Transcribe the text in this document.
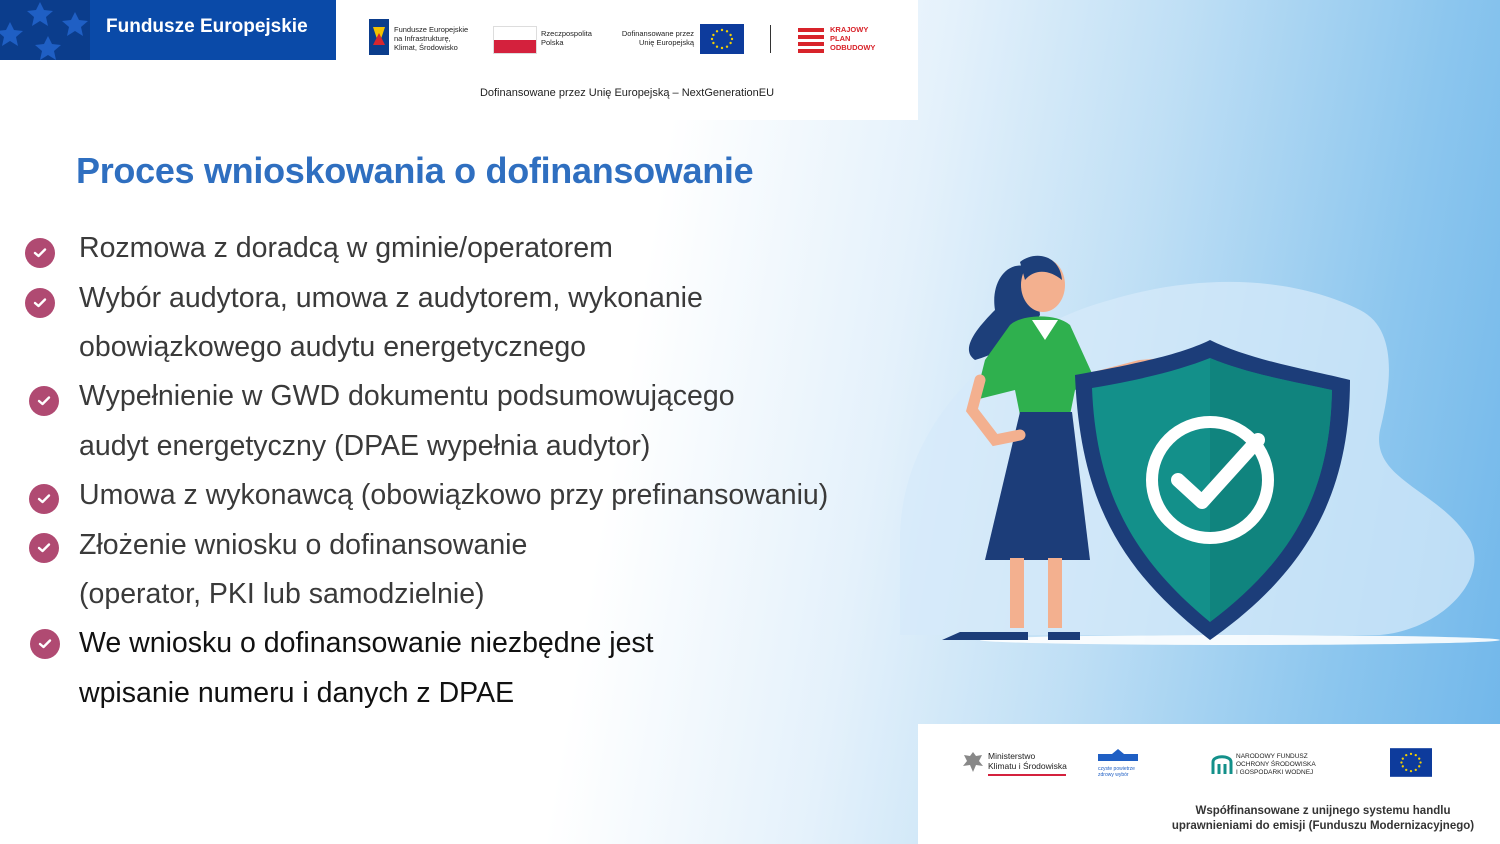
Fundusze Europejskie	Fundusze Europejskie
na Infrastrukturę,
Klimat, Środowisko
Rzeczpospolita
Polska
Dofinansowane przez
Unię Europejską
KRAJOWY
PLAN
ODBUDOWY
Dofinansowane przez Unię Europejską – NextGenerationEU
Proces wnioskowania o dofinansowanie
Rozmowa z doradcą w gminie/operatorem
Wybór audytora, umowa z audytorem, wykonanie
obowiązkowego audytu energetycznego
Wypełnienie w GWD dokumentu podsumowującego
audyt energetyczny (DPAE wypełnia audytor)
Umowa z wykonawcą (obowiązkowo przy prefinansowaniu)
Złożenie wniosku o dofinansowanie
(operator, PKI lub samodzielnie)
We wniosku o dofinansowanie niezbędne jest
wpisanie numeru i danych z DPAE
Ministerstwo
Klimatu i Środowiska	czyste powietrze
zdrowy wybór
NARODOWY FUNDUSZ
OCHRONY ŚRODOWISKA
I GOSPODARKI WODNEJ
Współfinansowane z unijnego systemu handlu
uprawnieniami do emisji (Funduszu Modernizacyjnego)
